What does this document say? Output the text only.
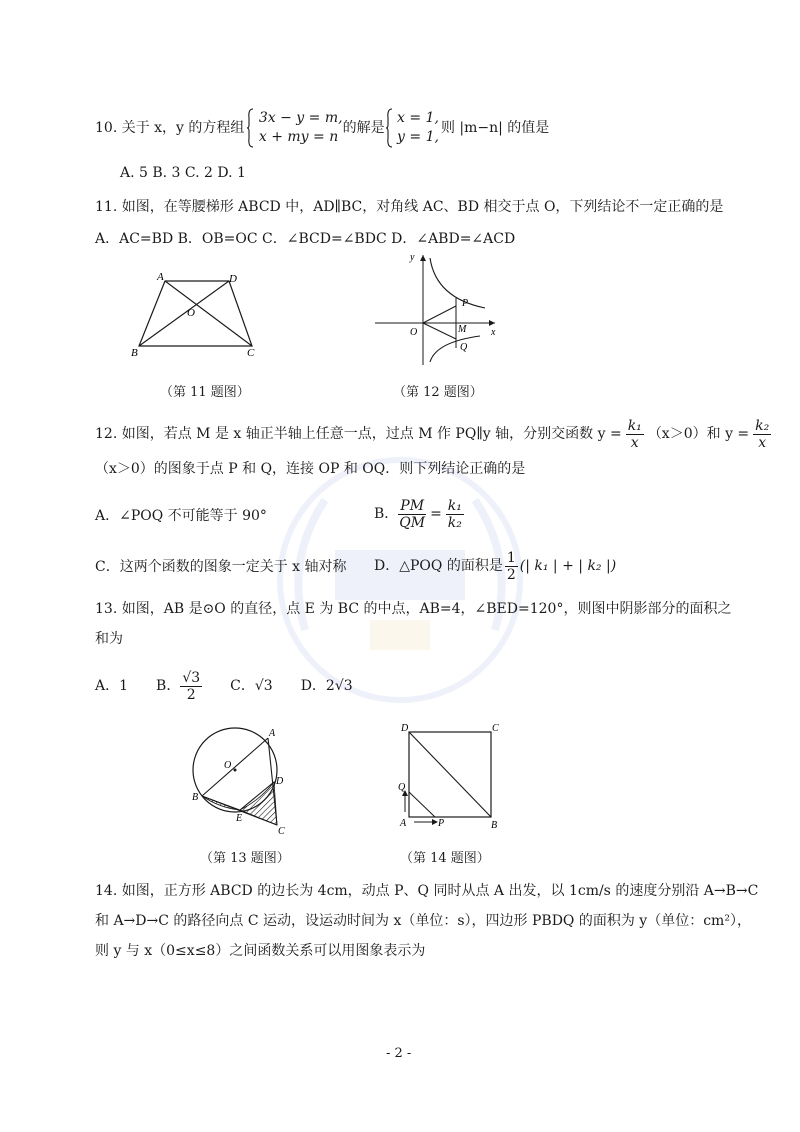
10. 关于 x，y 的方程组

3x − y = m,
x + my = n
的解是

x = 1,
y = 1,
则 |m−n| 的值是
A. 5 B. 3 C. 2 D. 1
11. 如图，在等腰梯形 ABCD 中，AD∥BC，对角线 AC、BD 相交于点 O，下列结论不一定正确的是
A．AC=BD B．OB=OC C．∠BCD=∠BDC D．∠ABD=∠ACD
A	D
B	C
O
（第 11 题图）
y
x
O
P
M
Q
（第 12 题图）
12. 如图，若点 M 是 x 轴正半轴上任意一点，过点 M 作 PQ∥y 轴，分别交函数 $y = \frac{\text{k₁}}{x} (x>0)$和 $y = \frac{\text{k₂}}{x}$
（x＞0）的图象于点 P 和 Q，连接 OP 和 OQ．则下列结论正确的是
A．∠POQ 不可能等于 90°	B． $\frac{PM}{QM} = \frac{\text{k₁}}{\text{k₂}}$
C．这两个函数的图象一定关于 x 轴对称 D．△POQ 的面积是 $\frac{1}{2}$ (| k₁ | + | k₂ |)
13. 如图，AB 是⊙O 的直径，点 E 为 BC 的中点，AB=4，∠BED=120°，则图中阴影部分的面积之
和为
A．1 B． $\frac{√3}{2}$ C．√3 D．2√3
O
A
B
E
D
C
（第 13 题图）
D	C
Q
A	P	B
（第 14 题图）
14. 如图，正方形 ABCD 的边长为 4cm，动点 P、Q 同时从点 A 出发，以 1cm/s 的速度分别沿 A→B→C
和 A→D→C 的路径向点 C 运动，设运动时间为 x（单位：s），四边形 PBDQ 的面积为 y（单位：cm²），
则 y 与 x（0≤x≤8）之间函数关系可以用图象表示为
- 2 -
